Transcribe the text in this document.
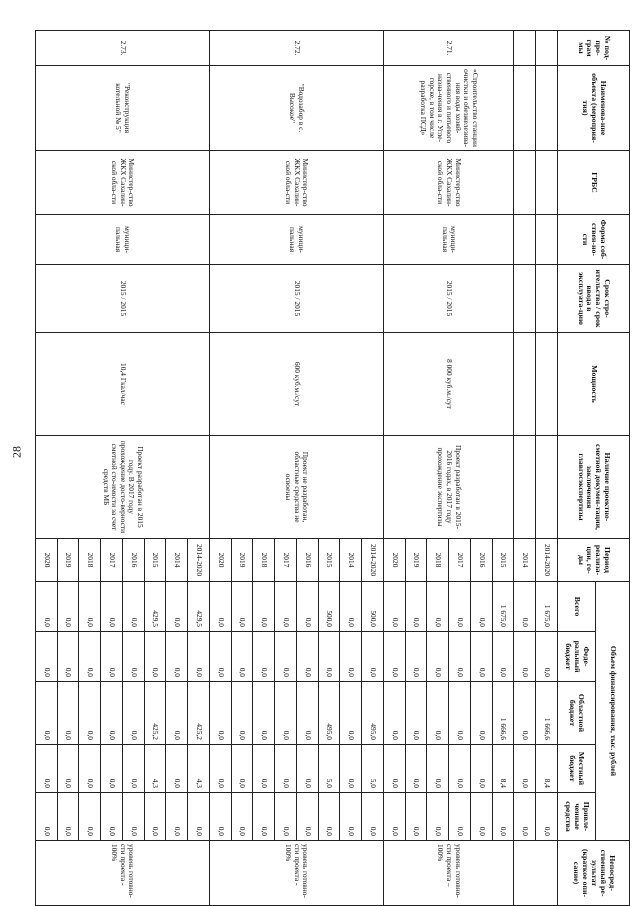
28
№ под-про-грам мы	Наименова-ние объекта (мероприя-тия)	ГРБС	Форма соб-ствен-но-сти	Срок стро-ительства / срок ввода в эксплуата-цию	Мощность	Наличие проектно-сметной докумен-тации, заключения главгосэкспертизы	Период реализа-ции, го-ды	Объем финансирования, тыс. рублей					Непосред-ственный ре-зультат (краткое опи-сание)
								Всего	Феде-ральный бюджет	Областной бюджет	Местный бюджет	Привле-ченные средства	
							2014-2020	1 675,0	0,0	1 666,6	8,4	0,0	
							2014	0,0	0,0	0,0	0,0	0,0	
2.71.	«Строительство станции очистки и обезжелезива-ния воды хозяй-ственного и питьевого назна-чения в г. Угле-горске, в том числе разработка ПСД»	Министер-ство ЖКХ Сахалин-ской обла-сти	муници-пальная	2015 / 2015	8 000 куб.м./сут	Проект разработан в 2015-2016 годах, в 2017 году прохождение экспертизы	2015	1 675,0	0,0	1 666,6	8,4	0,0	уровень готовно-сти проекта – 100%
							2016	0,0	0,0	0,0	0,0	0,0	
							2017	0,0	0,0	0,0	0,0	0,0	
							2018	0,0	0,0	0,0	0,0	0,0	
							2019	0,0	0,0	0,0	0,0	0,0	
							2020	0,0	0,0	0,0	0,0	0,0	
2.72.	"Водозабор в с. Высокое"	Министер-ство ЖКХ Сахалин-ской обла-сти	муници-пальная	2015 / 2015	600 куб.м./сут	Проект не разработан, областные средства не освоены	2014-2020	500,0	0,0	495,0	5,0	0,0	уровень готовно-сти проекта - 100%
							2014	0,0	0,0	0,0	0,0	0,0	
							2015	500,0	0,0	495,0	5,0	0,0	
							2016	0,0	0,0	0,0	0,0	0,0	
							2017	0,0	0,0	0,0	0,0	0,0	
							2018	0,0	0,0	0,0	0,0	0,0	
							2019	0,0	0,0	0,0	0,0	0,0	
							2020	0,0	0,0	0,0	0,0	0,0	
2.73.	"Реконструкция котельной № 5"	Министер-ство ЖКХ Сахалин-ской обла-сти	муници-пальная	2015 / 2015	10,4 Гкал/час	Проект разработан в 2015 году. В 2017 году прохождение досто-верности сметной сто-имости за счет средств МБ	2014-2020	429,5	0,0	425,2	4,3	0,0	уровень готовно-сти проекта - 100%
							2014	0,0	0,0	0,0	0,0	0,0	
							2015	429,5	0,0	425,2	4,3	0,0	
							2016	0,0	0,0	0,0	0,0	0,0	
							2017	0,0	0,0	0,0	0,0	0,0	
							2018	0,0	0,0	0,0	0,0	0,0	
							2019	0,0	0,0	0,0	0,0	0,0	
							2020	0,0	0,0	0,0	0,0	0,0	
